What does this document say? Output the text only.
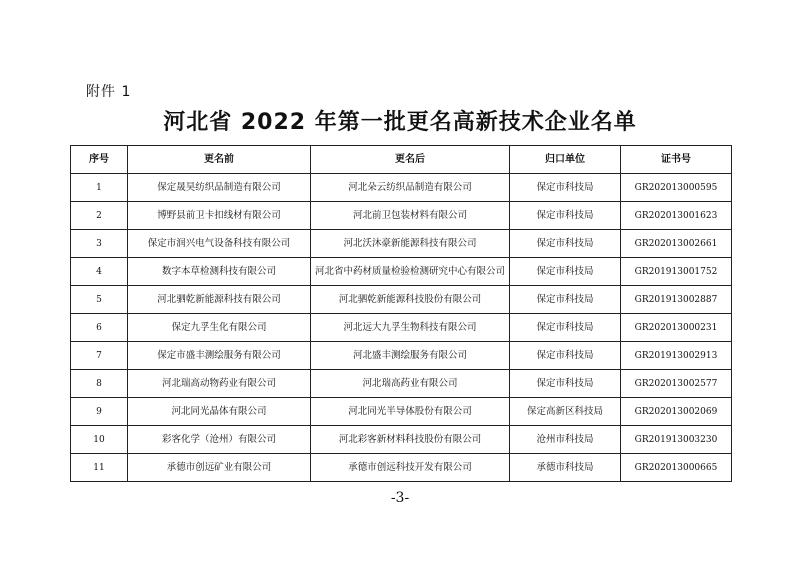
附件 1
河北省 2022 年第一批更名高新技术企业名单
序号	更名前	更名后	归口单位	证书号
1	保定晟昊纺织品制造有限公司	河北朵云纺织品制造有限公司	保定市科技局	GR202013000595
2	博野县前卫卡扣线材有限公司	河北前卫包装材料有限公司	保定市科技局	GR202013001623
3	保定市润兴电气设备科技有限公司	河北沃沐豪新能源科技有限公司	保定市科技局	GR202013002661
4	数字本草检测科技有限公司	河北省中药材质量检验检测研究中心有限公司	保定市科技局	GR201913001752
5	河北驷乾新能源科技有限公司	河北驷乾新能源科技股份有限公司	保定市科技局	GR201913002887
6	保定九孚生化有限公司	河北远大九孚生物科技有限公司	保定市科技局	GR202013000231
7	保定市盛丰测绘服务有限公司	河北盛丰测绘服务有限公司	保定市科技局	GR201913002913
8	河北瑞高动物药业有限公司	河北瑞高药业有限公司	保定市科技局	GR202013002577
9	河北同光晶体有限公司	河北同光半导体股份有限公司	保定高新区科技局	GR202013002069
10	彩客化学（沧州）有限公司	河北彩客新材料科技股份有限公司	沧州市科技局	GR201913003230
11	承德市创远矿业有限公司	承德市创远科技开发有限公司	承德市科技局	GR202013000665
-3-
